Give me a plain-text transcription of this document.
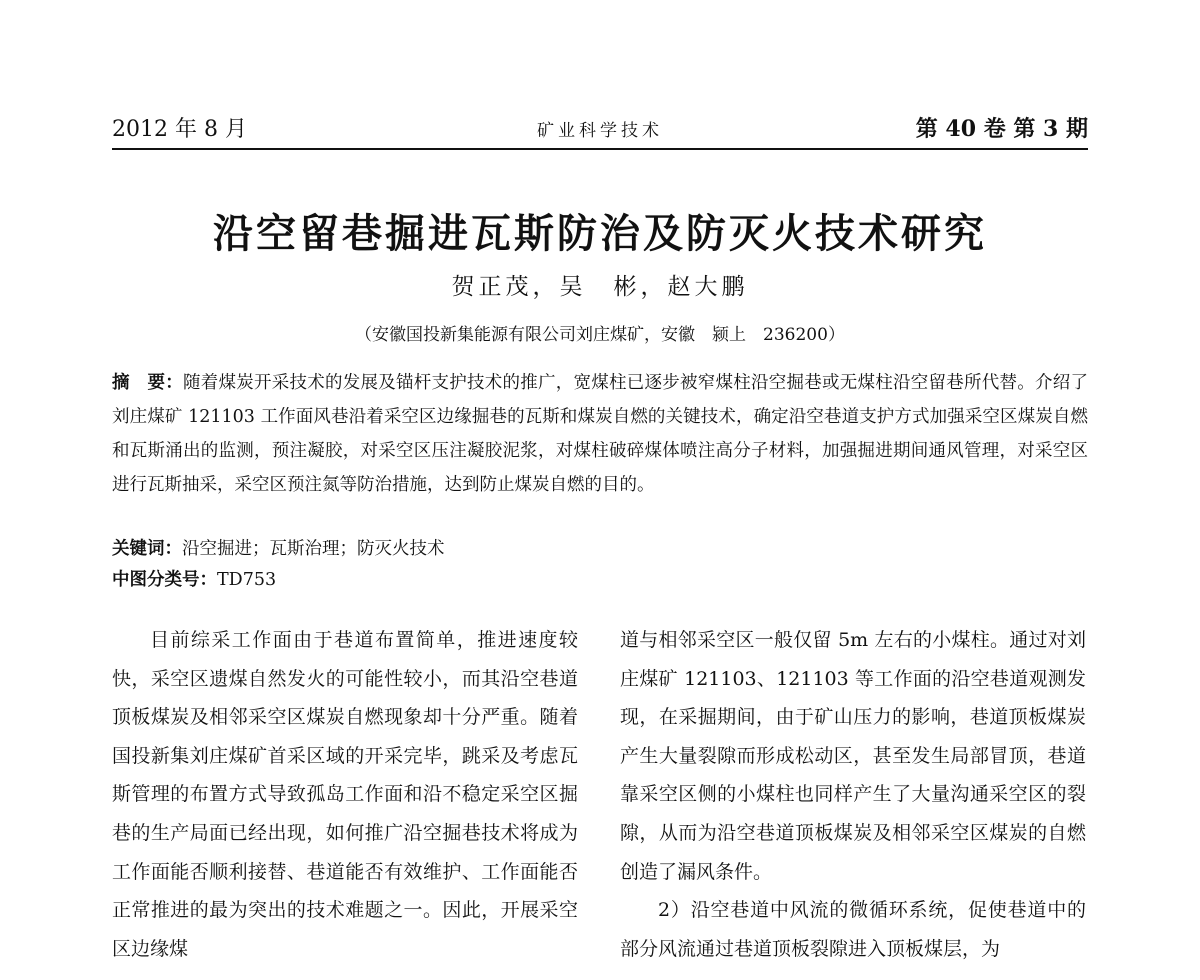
2012 年 8 月	矿业科学技术	第 40 卷 第 3 期
沿空留巷掘进瓦斯防治及防灭火技术研究
贺正茂，吴　彬，赵大鹏
（安徽国投新集能源有限公司刘庄煤矿，安徽　颍上　236200）
摘　要：随着煤炭开采技术的发展及锚杆支护技术的推广，宽煤柱已逐步被窄煤柱沿空掘巷或无煤柱沿空留巷所代替。介绍了刘庄煤矿 121103 工作面风巷沿着采空区边缘掘巷的瓦斯和煤炭自燃的关键技术，确定沿空巷道支护方式加强采空区煤炭自燃和瓦斯涌出的监测，预注凝胶，对采空区压注凝胶泥浆，对煤柱破碎煤体喷注高分子材料，加强掘进期间通风管理，对采空区进行瓦斯抽采，采空区预注氮等防治措施，达到防止煤炭自燃的目的。
关键词：沿空掘进；瓦斯治理；防灭火技术
中图分类号：TD753

目前综采工作面由于巷道布置简单，推进速度较快，采空区遗煤自然发火的可能性较小，而其沿空巷道顶板煤炭及相邻采空区煤炭自燃现象却十分严重。随着国投新集刘庄煤矿首采区域的开采完毕，跳采及考虑瓦斯管理的布置方式导致孤岛工作面和沿不稳定采空区掘巷的生产局面已经出现，如何推广沿空掘巷技术将成为工作面能否顺利接替、巷道能否有效维护、工作面能否正常推进的最为突出的技术难题之一。因此，开展采空区边缘煤

道与相邻采空区一般仅留 5m 左右的小煤柱。通过对刘庄煤矿 121103、121103 等工作面的沿空巷道观测发现，在采掘期间，由于矿山压力的影响，巷道顶板煤炭产生大量裂隙而形成松动区，甚至发生局部冒顶，巷道靠采空区侧的小煤柱也同样产生了大量沟通采空区的裂隙，从而为沿空巷道顶板煤炭及相邻采空区煤炭的自燃创造了漏风条件。

2）沿空巷道中风流的微循环系统，促使巷道中的部分风流通过巷道顶板裂隙进入顶板煤层，为
